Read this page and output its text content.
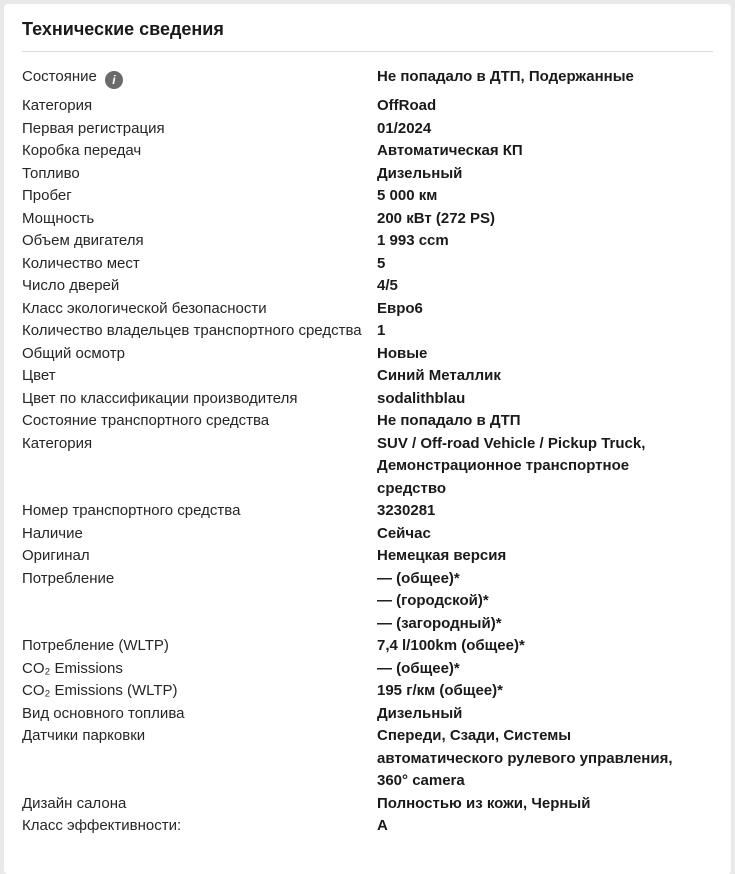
Технические сведения
Состояние i	Не попадало в ДТП, Подержанные
Категория	OffRoad
Первая регистрация	01/2024
Коробка передач	Автоматическая КП
Топливо	Дизельный
Пробег	5 000 км
Мощность	200 кВт (272 PS)
Объем двигателя	1 993 ccm
Количество мест	5
Число дверей	4/5
Класс экологической безопасности	Евро6
Количество владельцев транспортного средства	1
Общий осмотр	Новые
Цвет	Синий Металлик
Цвет по классификации производителя	sodalithblau
Состояние транспортного средства	Не попадало в ДТП
Категория	SUV / Off-road Vehicle / Pickup Truck,
Демонстрационное транспортное
средство
Номер транспортного средства	3230281
Наличие	Сейчас
Оригинал	Немецкая версия
Потребление	— (общее)*
— (городской)*
— (загородный)*
Потребление (WLTP)	7,4 l/100km (общее)*
CO₂ Emissions	— (общее)*
CO₂ Emissions (WLTP)	195 г/км (общее)*
Вид основного топлива	Дизельный
Датчики парковки	Спереди, Сзади, Системы
автоматического рулевого управления,
360° camera
Дизайн салона	Полностью из кожи, Черный
Класс эффективности:	A
